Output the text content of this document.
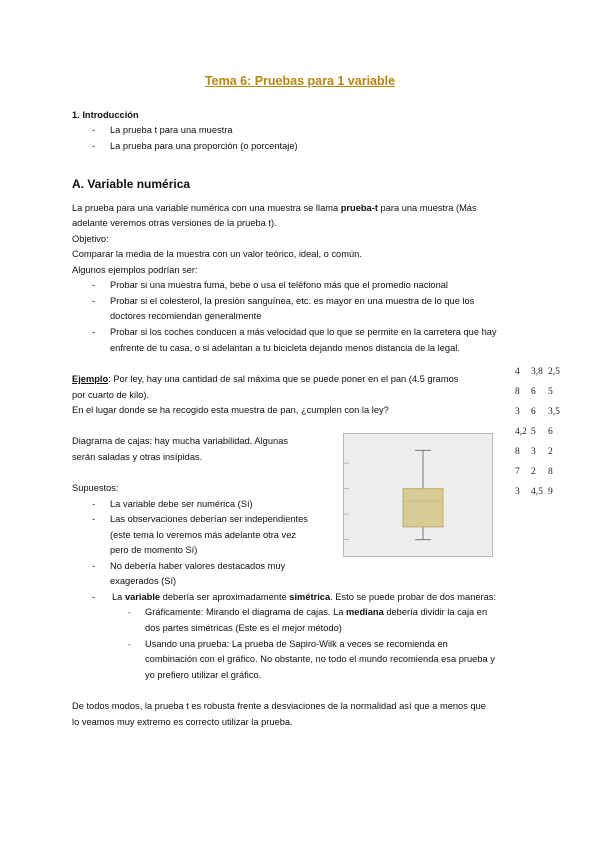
Tema 6: Pruebas para 1 variable
1. Introducción
- La prueba t para una muestra
- La prueba para una proporción (o porcentaje)
A. Variable numérica
La prueba para una variable numérica con una muestra se llama prueba-t para una muestra (Más
adelante veremos otras versiones de la prueba t).
Objetivo:
Comparar la media de la muestra con un valor teórico, ideal, o común.
Algunos ejemplos podrían ser:
- Probar si una muestra fuma, bebe o usa el teléfono más que el promedio nacional
- Probar si el colesterol, la presión sanguínea, etc. es mayor en una muestra de lo que los
doctores recomiendan generalmente
- Probar si los coches conducen a más velocidad que lo que se permite en la carretera que hay
enfrente de tu casa, o si adelantan a tu bicicleta dejando menos distancia de la legal.
Ejemplo: Por ley, hay una cantidad de sal máxima que se puede poner en el pan (4.5 gramos
por cuarto de kilo).
En el lugar donde se ha recogido esta muestra de pan, ¿cumplen con la ley?
4 3,8 2,5
8 6 5
3 6 3,5
4,2 5 6
8 3 2
7 2 8
3 4,5 9
Diagrama de cajas: hay mucha variabilidad. Algunas
serán saladas y otras insípidas.
Supuestos:
- La variable debe ser numérica (Sí)
- Las observaciones deberían ser independientes
(este tema lo veremos más adelante otra vez
pero de momento Sí)
- No debería haber valores destacados muy
exagerados (Sí)
- La variable debería ser aproximadamente simétrica. Esto se puede probar de dos maneras:
- Gráficamente: Mirando el diagrama de cajas. La mediana debería dividir la caja en
dos partes simétricas (Este es el mejor método)
- Usando una prueba: La prueba de Sapiro-Wilk a veces se recomienda en
combinación con el gráfico. No obstante, no todo el mundo recomienda esa prueba y
yo prefiero utilizar el gráfico.
De todos modos, la prueba t es robusta frente a desviaciones de la normalidad así que a menos que
lo veamos muy extremo es correcto utilizar la prueba.
